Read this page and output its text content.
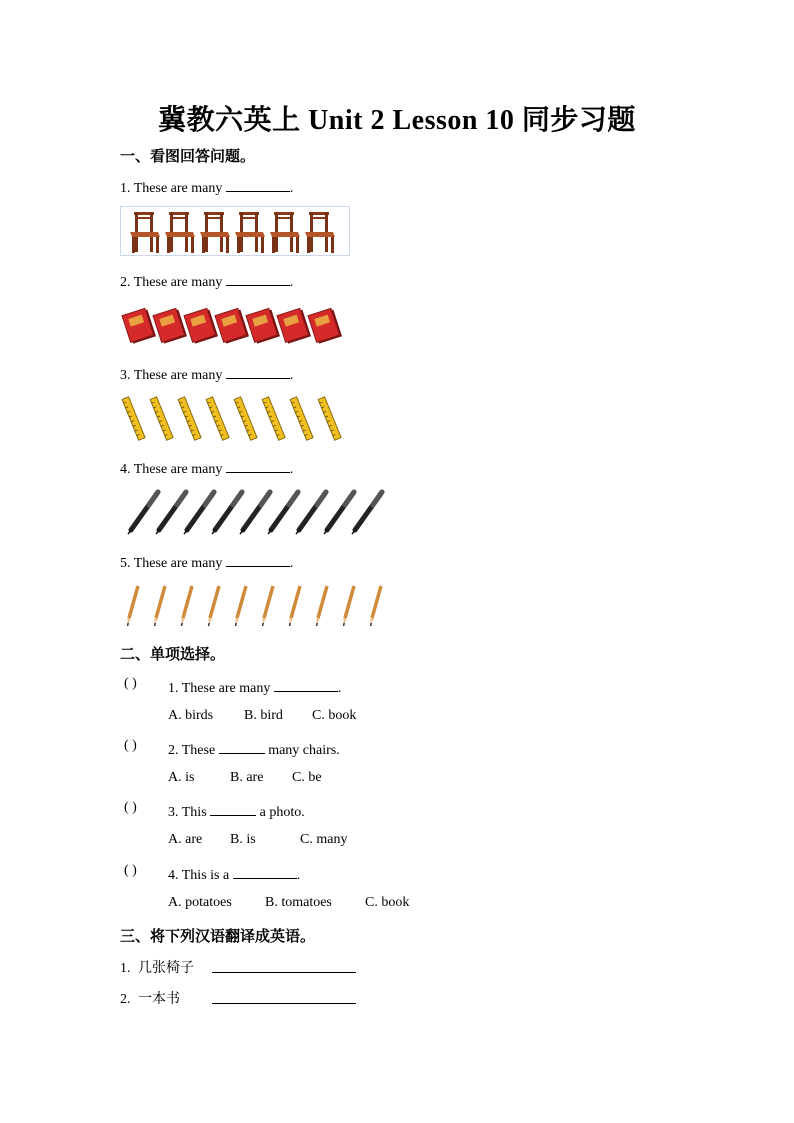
冀教六英上 Unit 2 Lesson 10 同步习题
一、看图回答问题。
1. These are many	.
2. These are many	.
3. These are many	.
4. These are many	.
5. These are many	.
二、单项选择。
( ) 1. These are many	.
A. birds B. bird C. book
( ) 2. These	many chairs.
A. is	B. are C. be
( ) 3. This	a photo.
A. are B. is	C. many
( ) 4. This is a	.
A. potatoes B. tomatoes C. book
三、将下列汉语翻译成英语。
1. 几张椅子
2. 一本书
